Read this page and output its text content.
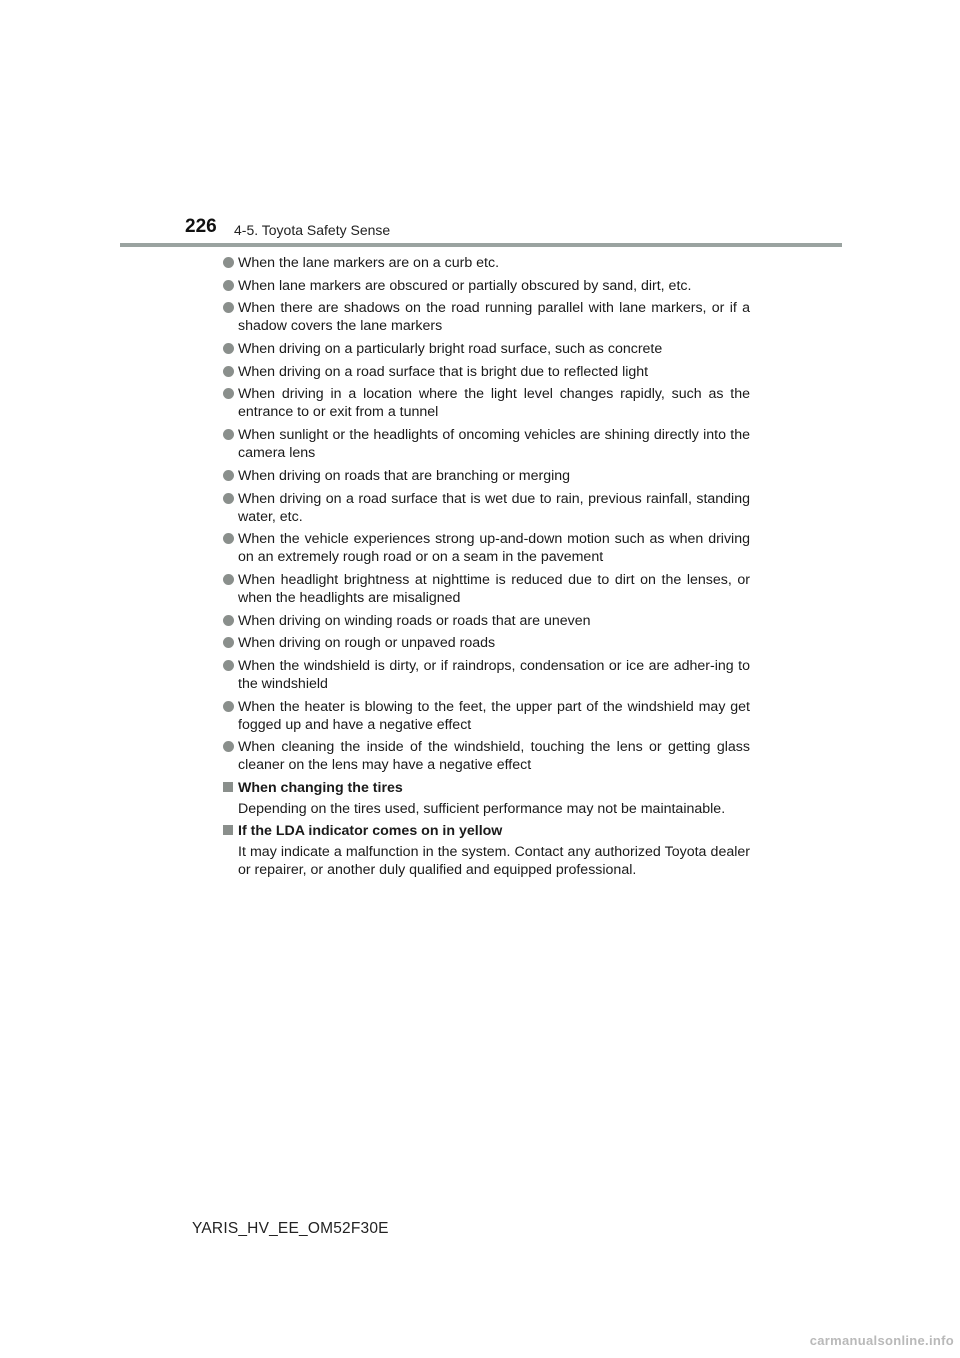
226 4-5. Toyota Safety Sense
When the lane markers are on a curb etc.
When lane markers are obscured or partially obscured by sand, dirt, etc.
When there are shadows on the road running parallel with lane markers, or if a shadow covers the lane markers
When driving on a particularly bright road surface, such as concrete
When driving on a road surface that is bright due to reflected light
When driving in a location where the light level changes rapidly, such as the entrance to or exit from a tunnel
When sunlight or the headlights of oncoming vehicles are shining directly into the camera lens
When driving on roads that are branching or merging
When driving on a road surface that is wet due to rain, previous rainfall, standing water, etc.
When the vehicle experiences strong up-and-down motion such as when driving on an extremely rough road or on a seam in the pavement
When headlight brightness at nighttime is reduced due to dirt on the lenses, or when the headlights are misaligned
When driving on winding roads or roads that are uneven
When driving on rough or unpaved roads
When the windshield is dirty, or if raindrops, condensation or ice are adher-ing to the windshield
When the heater is blowing to the feet, the upper part of the windshield may get fogged up and have a negative effect
When cleaning the inside of the windshield, touching the lens or getting glass cleaner on the lens may have a negative effect
When changing the tires
Depending on the tires used, sufficient performance may not be maintainable.
If the LDA indicator comes on in yellow
It may indicate a malfunction in the system. Contact any authorized Toyota dealer or repairer, or another duly qualified and equipped professional.
YARIS_HV_EE_OM52F30E
carmanualsonline.info
